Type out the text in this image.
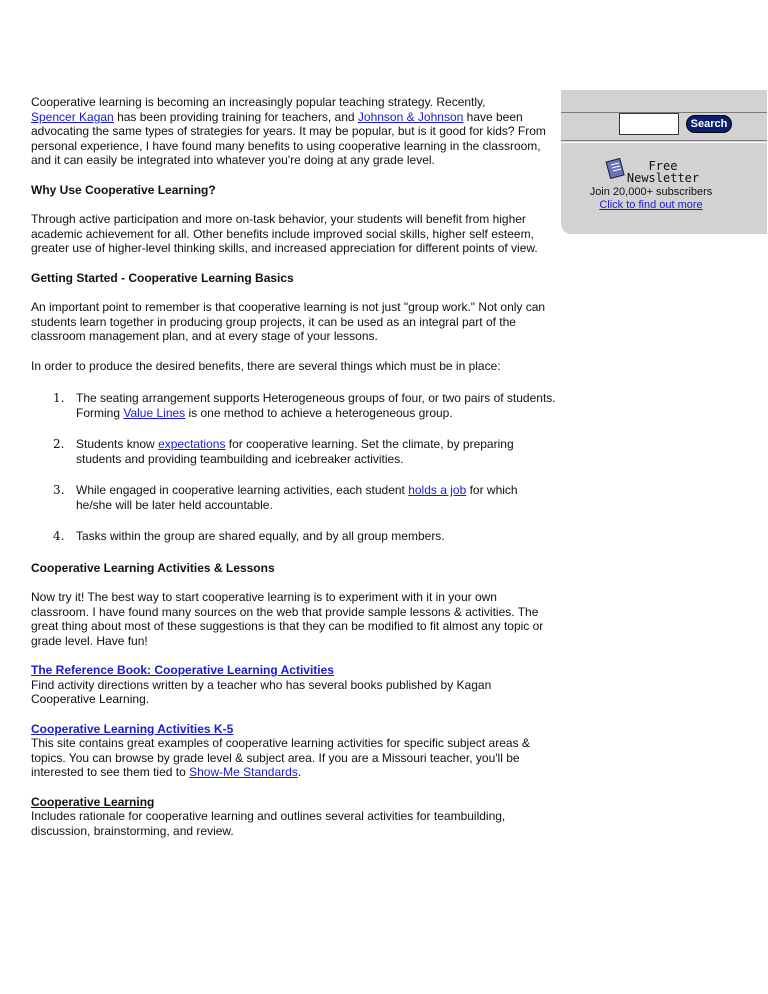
Cooperative learning is becoming an increasingly popular teaching strategy. Recently,
Spencer Kagan has been providing training for teachers, and Johnson & Johnson have been advocating the same types of strategies for years. It may be popular, but is it good for kids? From personal experience, I have found many benefits to using cooperative learning in the classroom, and it can easily be integrated into whatever you're doing at any grade level.

Why Use Cooperative Learning?

Through active participation and more on-task behavior, your students will benefit from higher academic achievement for all. Other benefits include improved social skills, higher self esteem, greater use of higher-level thinking skills, and increased appreciation for different points of view.

Getting Started - Cooperative Learning Basics

An important point to remember is that cooperative learning is not just "group work." Not only can students learn together in producing group projects, it can be used as an integral part of the classroom management plan, and at every stage of your lessons.

In order to produce the desired benefits, there are several things which must be in place:

1. The seating arrangement supports Heterogeneous groups of four, or two pairs of students. Forming Value Lines is one method to achieve a heterogeneous group.
2. Students know expectations for cooperative learning. Set the climate, by preparing students and providing teambuilding and icebreaker activities.
3. While engaged in cooperative learning activities, each student holds a job for which he/she will be later held accountable.
4. Tasks within the group are shared equally, and by all group members.

Cooperative Learning Activities & Lessons

Now try it! The best way to start cooperative learning is to experiment with it in your own classroom. I have found many sources on the web that provide sample lessons & activities. The great thing about most of these suggestions is that they can be modified to fit almost any topic or grade level. Have fun!

The Reference Book: Cooperative Learning Activities

Find activity directions written by a teacher who has several books published by Kagan Cooperative Learning.

Cooperative Learning Activities K-5

This site contains great examples of cooperative learning activities for specific subject areas & topics. You can browse by grade level & subject area. If you are a Missouri teacher, you'll be interested to see them tied to Show-Me Standards.

Cooperative Learning

Includes rationale for cooperative learning and outlines several activities for teambuilding, discussion, brainstorming, and review.

Search
Free
Newsletter
Join 20,000+ subscribers
Click to find out more
